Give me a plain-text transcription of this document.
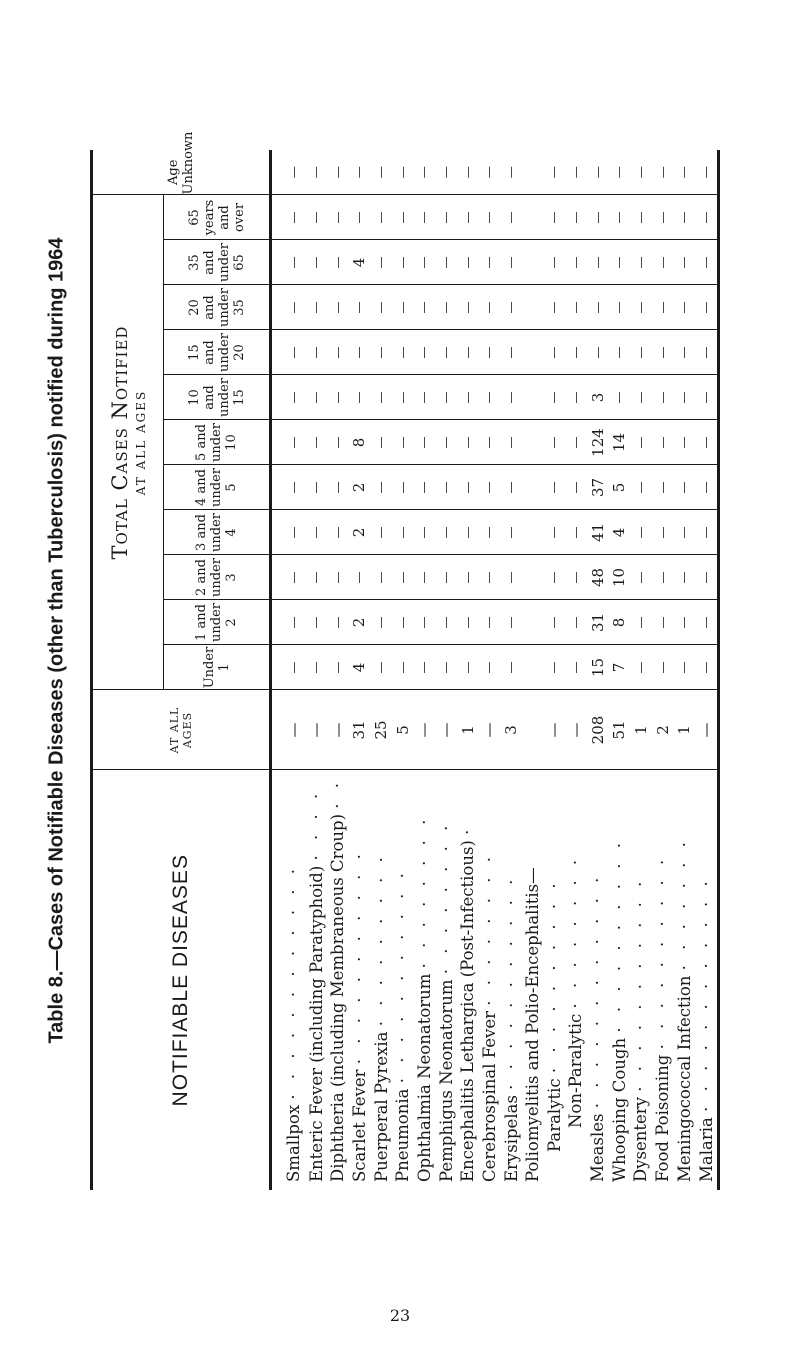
Table 8.—Cases of Notifiable Diseases (other than Tuberculosis) notified during 1964	NOTIFIABLE DISEASES	AT ALL AGES	Total Cases Notified AT ALL AGES											Age Unknown

		Under 1	1 and under 2	2 and under 3	3 and under 4	4 and under 5	5 and under 10	10 and under 15	15 and under 20	20 and under 35	35 and under 65	65 years and over	

Smallpox · · · · · · · · · · · ·	—	—	—	—	—	—	—	—	—	—	—	—	—
Enteric Fever (including Paratyphoid) · · · ·	—	—	—	—	—	—	—	—	—	—	—	—	—
Diphtheria (including Membraneous Croup) · ·	—	—	—	—	—	—	—	—	—	—	—	—	—
Scarlet Fever · · · · · · · · · · ·	31	4	2	—	2	2	8	—	—	—	4	—	—
Puerperal Pyrexia · · · · · · · · ·	25	—	—	—	—	—	—	—	—	—	—	—	—
Pneumonia · · · · · · · · · · ·	5	—	—	—	—	—	—	—	—	—	—	—	—
Ophthalmia Neonatorum · · · · · · · ·	—	—	—	—	—	—	—	—	—	—	—	—	—
Pemphigus Neonatorum · · · · · · · ·	—	—	—	—	—	—	—	—	—	—	—	—	—
Encephalitis Lethargica (Post-Infectious) ·	1	—	—	—	—	—	—	—	—	—	—	—	—
Cerebrospinal Fever · · · · · · · ·	—	—	—	—	—	—	—	—	—	—	—	—	—
Erysipelas · · · · · · · · · · ·	3	—	—	—	—	—	—	—	—	—	—	—	—
Poliomyelitis and Polio-Encephalitis—													
Paralytic · · · · · · · · · ·	—	—	—	—	—	—	—	—	—	—	—	—	—
Non-Paralytic · · · · · · · ·	—	—	—	—	—	—	—	—	—	—	—	—	—
Measles · · · · · · · · · · · ·	208	15	31	48	41	37	124	3	—	—	—	—	—
Whooping Cough · · · · · · · · · ·	51	7	8	10	4	5	14	—	—	—	—	—	—
Dysentery · · · · · · · · · · ·	1	—	—	—	—	—	—	—	—	—	—	—	—
Food Poisoning · · · · · · · · · ·	2	—	—	—	—	—	—	—	—	—	—	—	—
Meningococcal Infection · · · · · · ·	1	—	—	—	—	—	—	—	—	—	—	—	—
Malaria · · · · · · · · · · · ·	—	—	—	—	—	—	—	—	—	—	—	—	—
23
